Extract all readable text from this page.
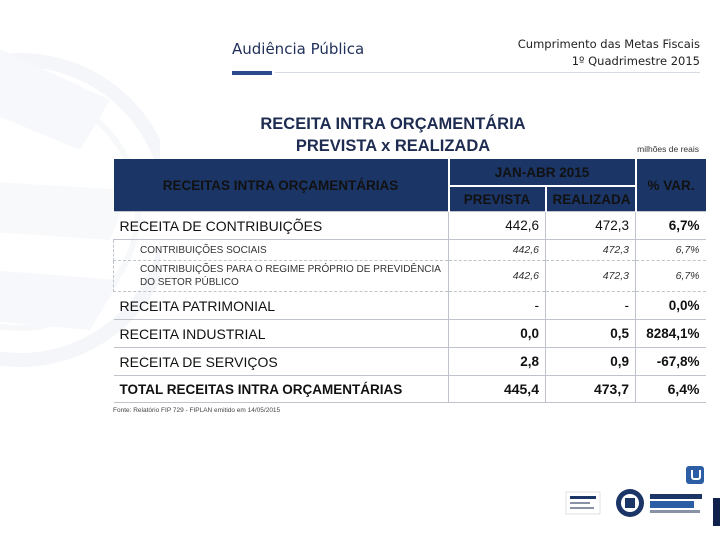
Audiência Pública	Cumprimento das Metas Fiscais
1º Quadrimestre 2015
RECEITA INTRA ORÇAMENTÁRIA
PREVISTA x REALIZADA	milhões de reais
RECEITAS INTRA ORÇAMENTÁRIAS	JAN-ABR 2015		% VAR.
	PREVISTA	REALIZADA	
RECEITA DE CONTRIBUIÇÕES	442,6	472,3	6,7%
CONTRIBUIÇÕES SOCIAIS	442,6	472,3	6,7%
CONTRIBUIÇÕES PARA O REGIME PRÓPRIO DE PREVIDÊNCIA DO SETOR PÚBLICO	442,6	472,3	6,7%
RECEITA PATRIMONIAL	-	-	0,0%
RECEITA INDUSTRIAL	0,0	0,5	8284,1%
RECEITA DE SERVIÇOS	2,8	0,9	-67,8%
TOTAL RECEITAS INTRA ORÇAMENTÁRIAS	445,4	473,7	6,4%
Fonte: Relatório FIP 729 - FIPLAN emitido em 14/05/2015
